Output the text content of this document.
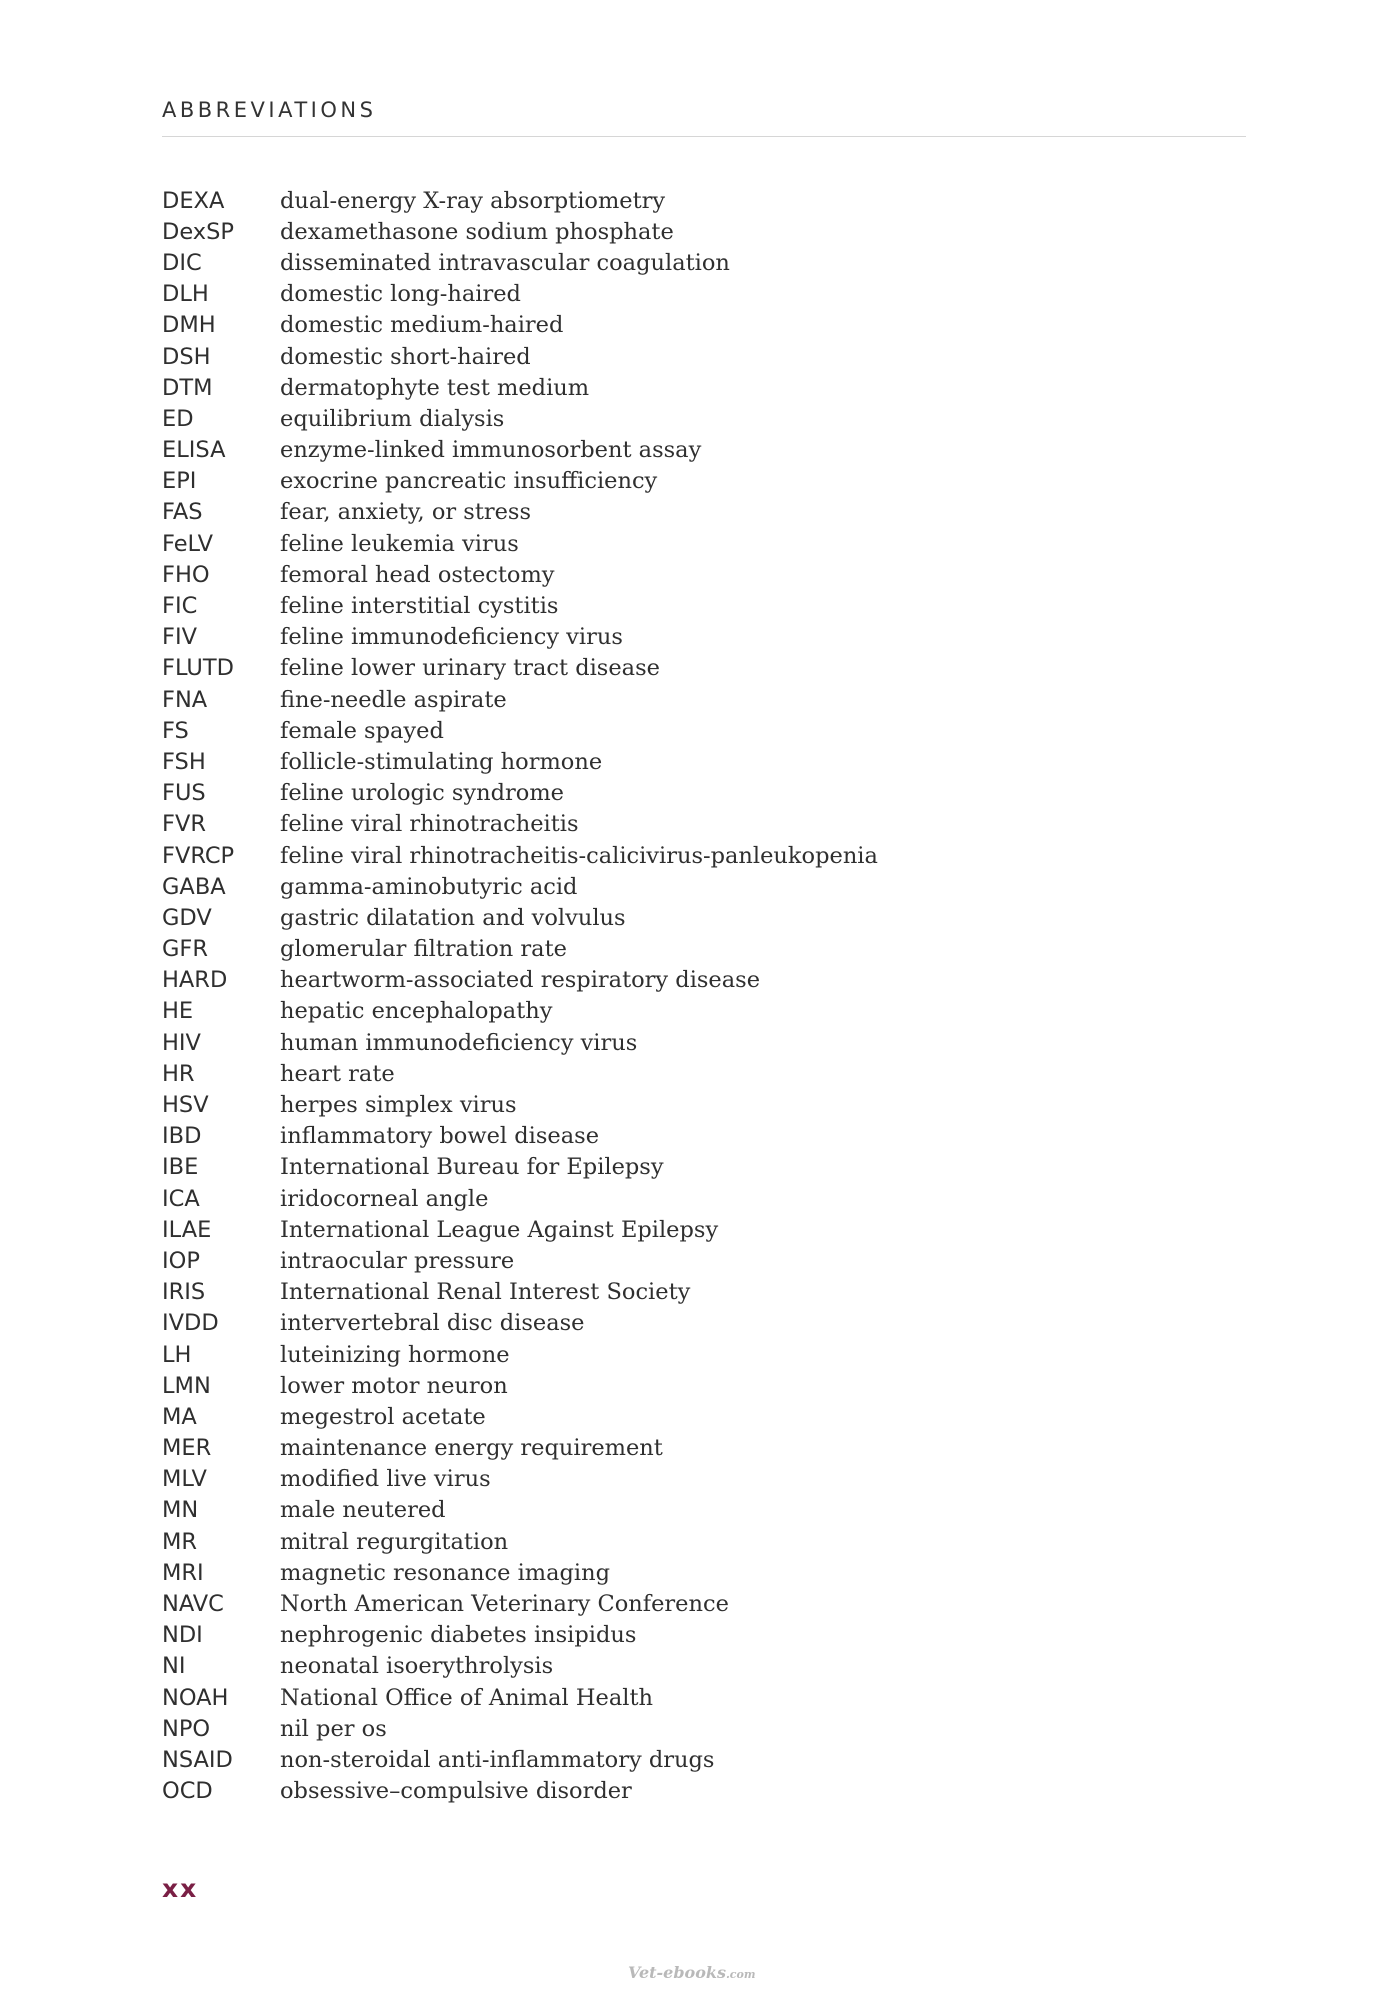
ABBREVIATIONS
DEXA	dual-energy X-ray absorptiometry
DexSP	dexamethasone sodium phosphate
DIC	disseminated intravascular coagulation
DLH	domestic long-haired
DMH	domestic medium-haired
DSH	domestic short-haired
DTM	dermatophyte test medium
ED	equilibrium dialysis
ELISA	enzyme-linked immunosorbent assay
EPI	exocrine pancreatic insufficiency
FAS	fear, anxiety, or stress
FeLV	feline leukemia virus
FHO	femoral head ostectomy
FIC	feline interstitial cystitis
FIV	feline immunodeficiency virus
FLUTD	feline lower urinary tract disease
FNA	fine-needle aspirate
FS	female spayed
FSH	follicle-stimulating hormone
FUS	feline urologic syndrome
FVR	feline viral rhinotracheitis
FVRCP	feline viral rhinotracheitis-calicivirus-panleukopenia
GABA	gamma-aminobutyric acid
GDV	gastric dilatation and volvulus
GFR	glomerular filtration rate
HARD	heartworm-associated respiratory disease
HE	hepatic encephalopathy
HIV	human immunodeficiency virus
HR	heart rate
HSV	herpes simplex virus
IBD	inflammatory bowel disease
IBE	International Bureau for Epilepsy
ICA	iridocorneal angle
ILAE	International League Against Epilepsy
IOP	intraocular pressure
IRIS	International Renal Interest Society
IVDD	intervertebral disc disease
LH	luteinizing hormone
LMN	lower motor neuron
MA	megestrol acetate
MER	maintenance energy requirement
MLV	modified live virus
MN	male neutered
MR	mitral regurgitation
MRI	magnetic resonance imaging
NAVC	North American Veterinary Conference
NDI	nephrogenic diabetes insipidus
NI	neonatal isoerythrolysis
NOAH	National Office of Animal Health
NPO	nil per os
NSAID	non-steroidal anti-inflammatory drugs
OCD	obsessive–compulsive disorder
xx
Vet-ebooks.com
